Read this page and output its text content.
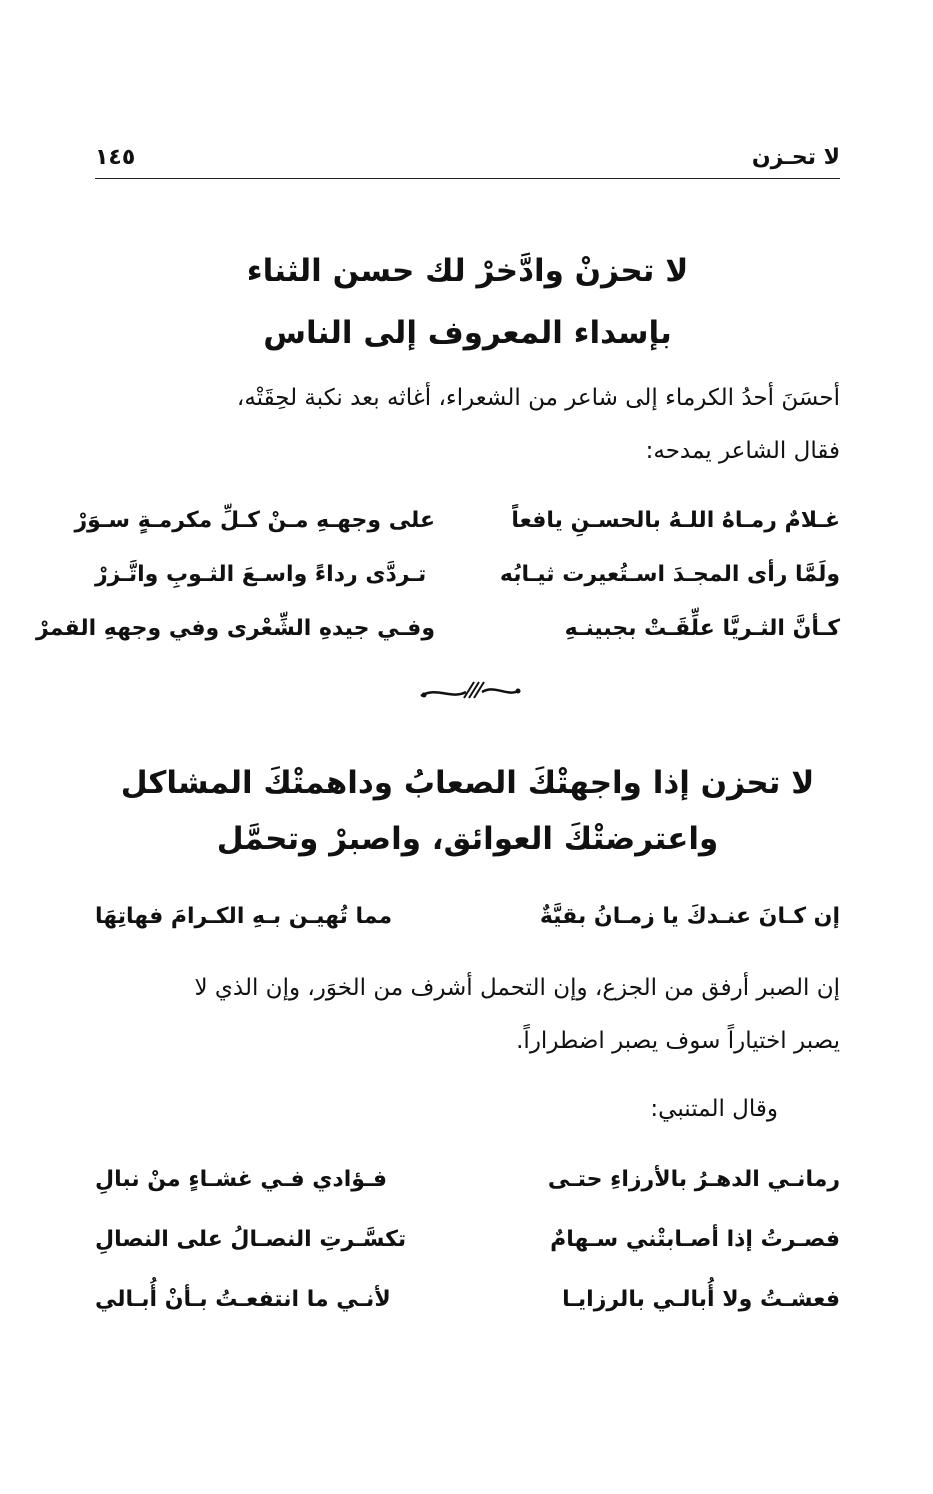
لا تحـزن
١٤٥
لا تحزنْ وادَّخرْ لك حسن الثناء
بإسداء المعروف إلى الناس
أحسَنَ أحدُ الكرماء إلى شاعر من الشعراء، أغاثه بعد نكبة لحِقَتْه،
فقال الشاعر يمدحه:
غـلامٌ رمـاهُ اللـهُ بالحسـنِ يافعاً
على وجهـهِ مـنْ كـلِّ مكرمـةٍ سـوَرْ
ولَمَّا رأى المجـدَ اسـتُعيرت ثيـابُه
تـردَّى رداءً واسـعَ الثـوبِ واتَّـزرْ
كـأنَّ الثـريَّا علِّقَـتْ بجبينـهِ
وفـي جيدهِ الشِّعْرى وفي وجههِ القمرْ
لا تحزن إذا واجهتْكَ الصعابُ وداهمتْكَ المشاكل
واعترضتْكَ العوائق، واصبرْ وتحمَّل
إن كـانَ عنـدكَ يا زمـانُ بقيَّةٌ
مما تُهيـن بـهِ الكـرامَ فهاتِهَا
إن الصبر أرفق من الجزع، وإن التحمل أشرف من الخوَر، وإن الذي لا
يصبر اختياراً سوف يصبر اضطراراً.
وقال المتنبي:
رمانـي الدهـرُ بالأرزاءِ حتـى
فـؤادي فـي غشـاءٍ منْ نبالِ
فصـرتُ إذا أصـابتْني سـهامٌ
تكسَّـرتِ النصـالُ على النصالِ
فعشـتُ ولا أُبالـي بالرزايـا
لأنـي ما انتفعـتُ بـأنْ أُبـالي
